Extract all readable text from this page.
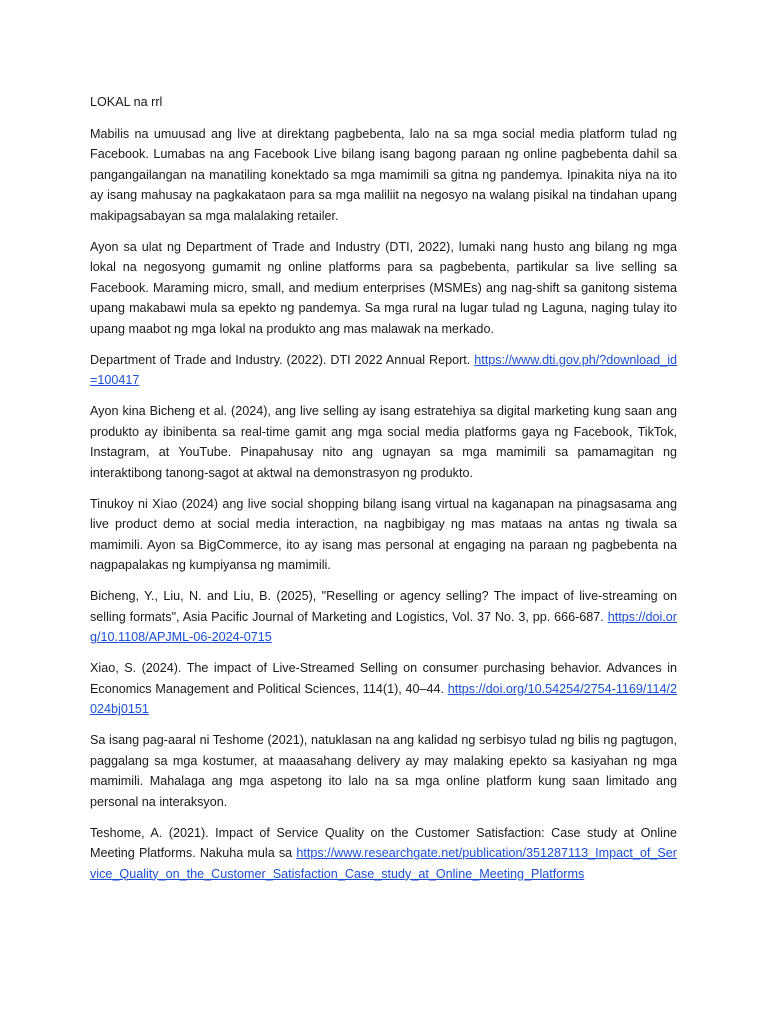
LOKAL na rrl

Mabilis na umuusad ang live at direktang pagbebenta, lalo na sa mga social media platform tulad ng Facebook. Lumabas na ang Facebook Live bilang isang bagong paraan ng online pagbebenta dahil sa pangangailangan na manatiling konektado sa mga mamimili sa gitna ng pandemya. Ipinakita niya na ito ay isang mahusay na pagkakataon para sa mga maliliit na negosyo na walang pisikal na tindahan upang makipagsabayan sa mga malalaking retailer.

Ayon sa ulat ng Department of Trade and Industry (DTI, 2022), lumaki nang husto ang bilang ng mga lokal na negosyong gumamit ng online platforms para sa pagbebenta, partikular sa live selling sa Facebook. Maraming micro, small, and medium enterprises (MSMEs) ang nag-shift sa ganitong sistema upang makabawi mula sa epekto ng pandemya. Sa mga rural na lugar tulad ng Laguna, naging tulay ito upang maabot ng mga lokal na produkto ang mas malawak na merkado.

Department of Trade and Industry. (2022). DTI 2022 Annual Report. https://www.dti.gov.ph/?download_id=100417

Ayon kina Bicheng et al. (2024), ang live selling ay isang estratehiya sa digital marketing kung saan ang produkto ay ibinibenta sa real-time gamit ang mga social media platforms gaya ng Facebook, TikTok, Instagram, at YouTube. Pinapahusay nito ang ugnayan sa mga mamimili sa pamamagitan ng interaktibong tanong-sagot at aktwal na demonstrasyon ng produkto.

Tinukoy ni Xiao (2024) ang live social shopping bilang isang virtual na kaganapan na pinagsasama ang live product demo at social media interaction, na nagbibigay ng mas mataas na antas ng tiwala sa mamimili. Ayon sa BigCommerce, ito ay isang mas personal at engaging na paraan ng pagbebenta na nagpapalakas ng kumpiyansa ng mamimili.

Bicheng, Y., Liu, N. and Liu, B. (2025), "Reselling or agency selling? The impact of live-streaming on selling formats", Asia Pacific Journal of Marketing and Logistics, Vol. 37 No. 3, pp. 666-687. https://doi.org/10.1108/APJML-06-2024-0715

Xiao, S. (2024). The impact of Live-Streamed Selling on consumer purchasing behavior. Advances in Economics Management and Political Sciences, 114(1), 40–44. https://doi.org/10.54254/2754-1169/114/2024bj0151

Sa isang pag-aaral ni Teshome (2021), natuklasan na ang kalidad ng serbisyo tulad ng bilis ng pagtugon, paggalang sa mga kostumer, at maaasahang delivery ay may malaking epekto sa kasiyahan ng mga mamimili. Mahalaga ang mga aspetong ito lalo na sa mga online platform kung saan limitado ang personal na interaksyon.

Teshome, A. (2021). Impact of Service Quality on the Customer Satisfaction: Case study at Online Meeting Platforms. Nakuha mula sa https://www.researchgate.net/publication/351287113_Impact_of_Service_Quality_on_the_Customer_Satisfaction_Case_study_at_Online_Meeting_Platforms
